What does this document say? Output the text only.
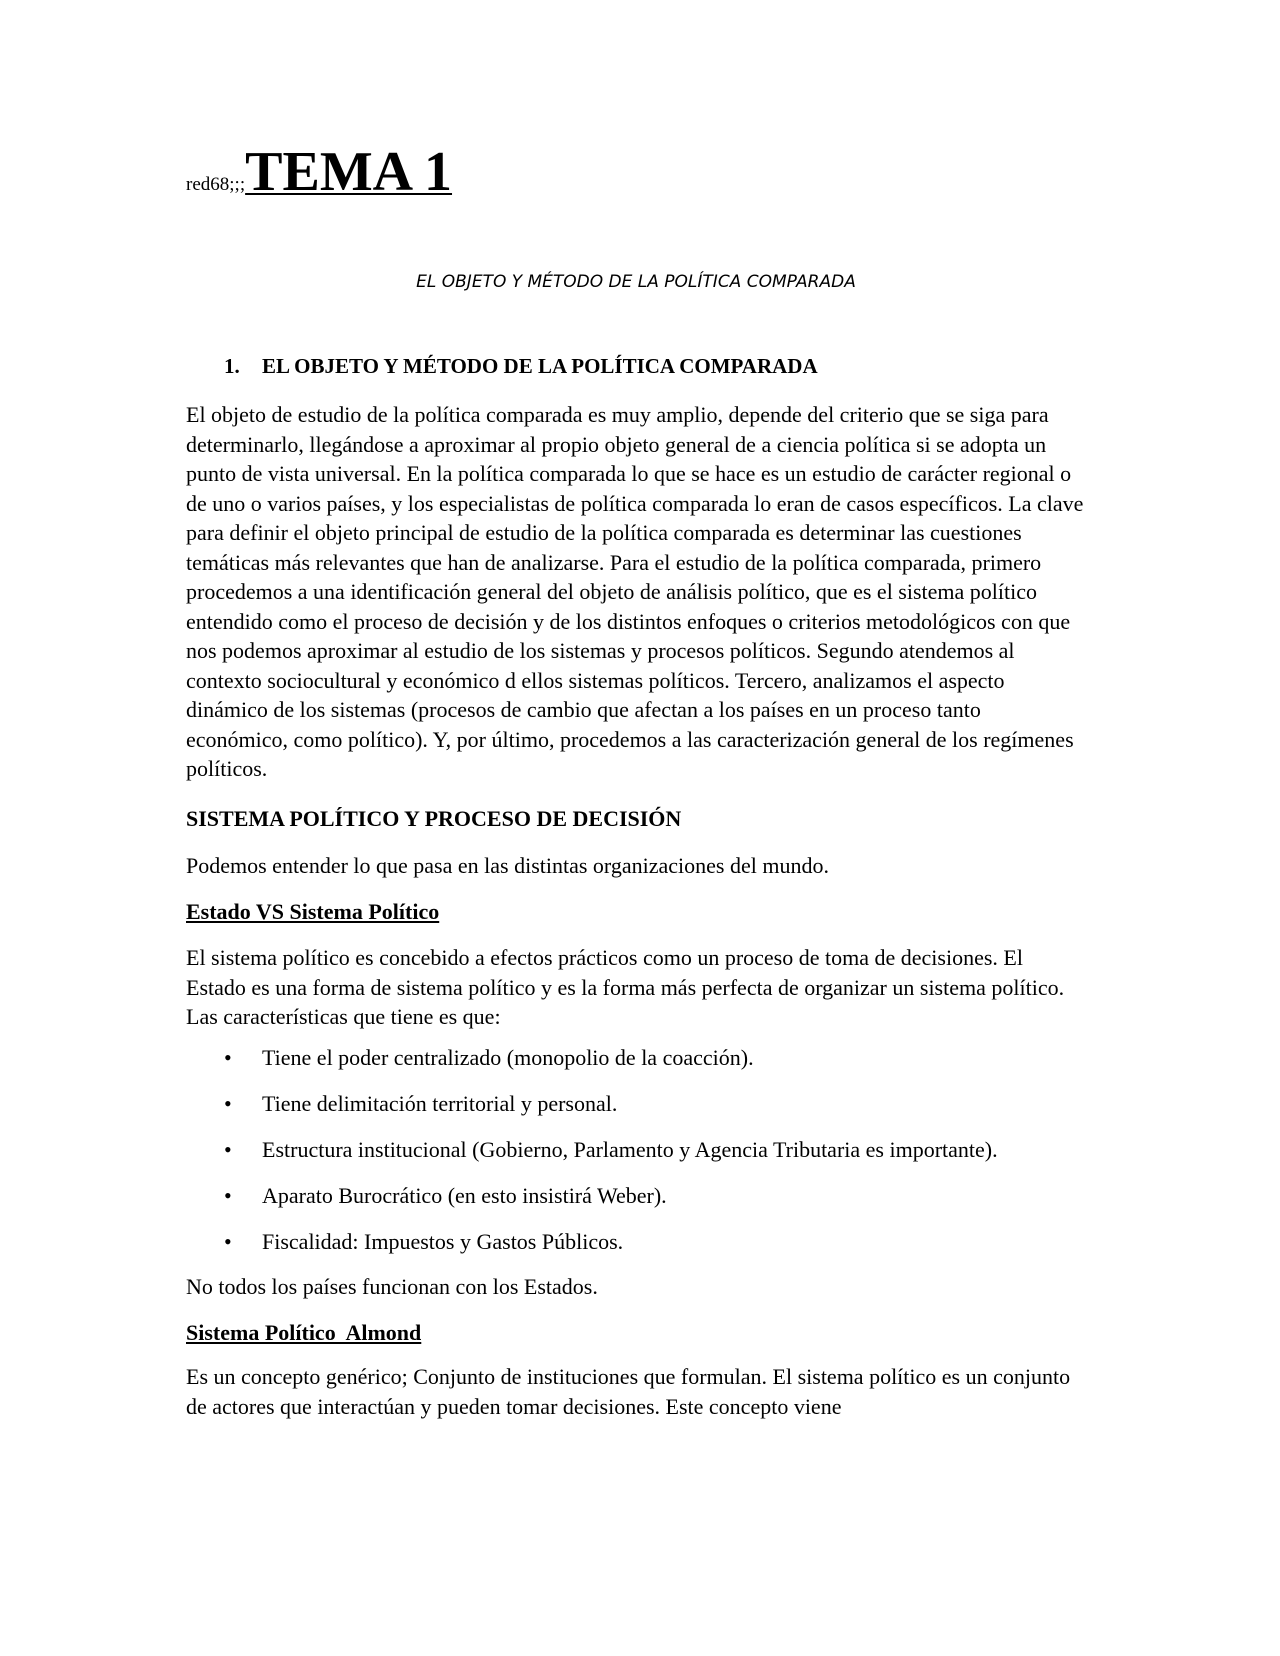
red68;;;TEMA 1
EL OBJETO Y MÉTODO DE LA POLÍTICA COMPARADA
1.	EL OBJETO Y MÉTODO DE LA POLÍTICA COMPARADA

El objeto de estudio de la política comparada es muy amplio, depende del criterio que se siga para determinarlo, llegándose a aproximar al propio objeto general de a ciencia política si se adopta un punto de vista universal. En la política comparada lo que se hace es un estudio de carácter regional o de uno o varios países, y los especialistas de política comparada lo eran de casos específicos. La clave para definir el objeto principal de estudio de la política comparada es determinar las cuestiones temáticas más relevantes que han de analizarse. Para el estudio de la política comparada, primero procedemos a una identificación general del objeto de análisis político, que es el sistema político entendido como el proceso de decisión y de los distintos enfoques o criterios metodológicos con que nos podemos aproximar al estudio de los sistemas y procesos políticos. Segundo atendemos al contexto sociocultural y económico d ellos sistemas políticos. Tercero, analizamos el aspecto dinámico de los sistemas (procesos de cambio que afectan a los países en un proceso tanto económico, como político). Y, por último, procedemos a las caracterización general de los regímenes políticos.

SISTEMA POLÍTICO Y PROCESO DE DECISIÓN

Podemos entender lo que pasa en las distintas organizaciones del mundo.

Estado VS Sistema Político

El sistema político es concebido a efectos prácticos como un proceso de toma de decisiones. El Estado es una forma de sistema político y es la forma más perfecta de organizar un sistema político. Las características que tiene es que:

•	Tiene el poder centralizado (monopolio de la coacción).
•	Tiene delimitación territorial y personal.
•	Estructura institucional (Gobierno, Parlamento y Agencia Tributaria es importante).
•	Aparato Burocrático (en esto insistirá Weber).
•	Fiscalidad: Impuestos y Gastos Públicos.

No todos los países funcionan con los Estados.

Sistema Político  Almond

Es un concepto genérico; Conjunto de instituciones que formulan. El sistema político es un conjunto de actores que interactúan y pueden tomar decisiones. Este concepto viene
